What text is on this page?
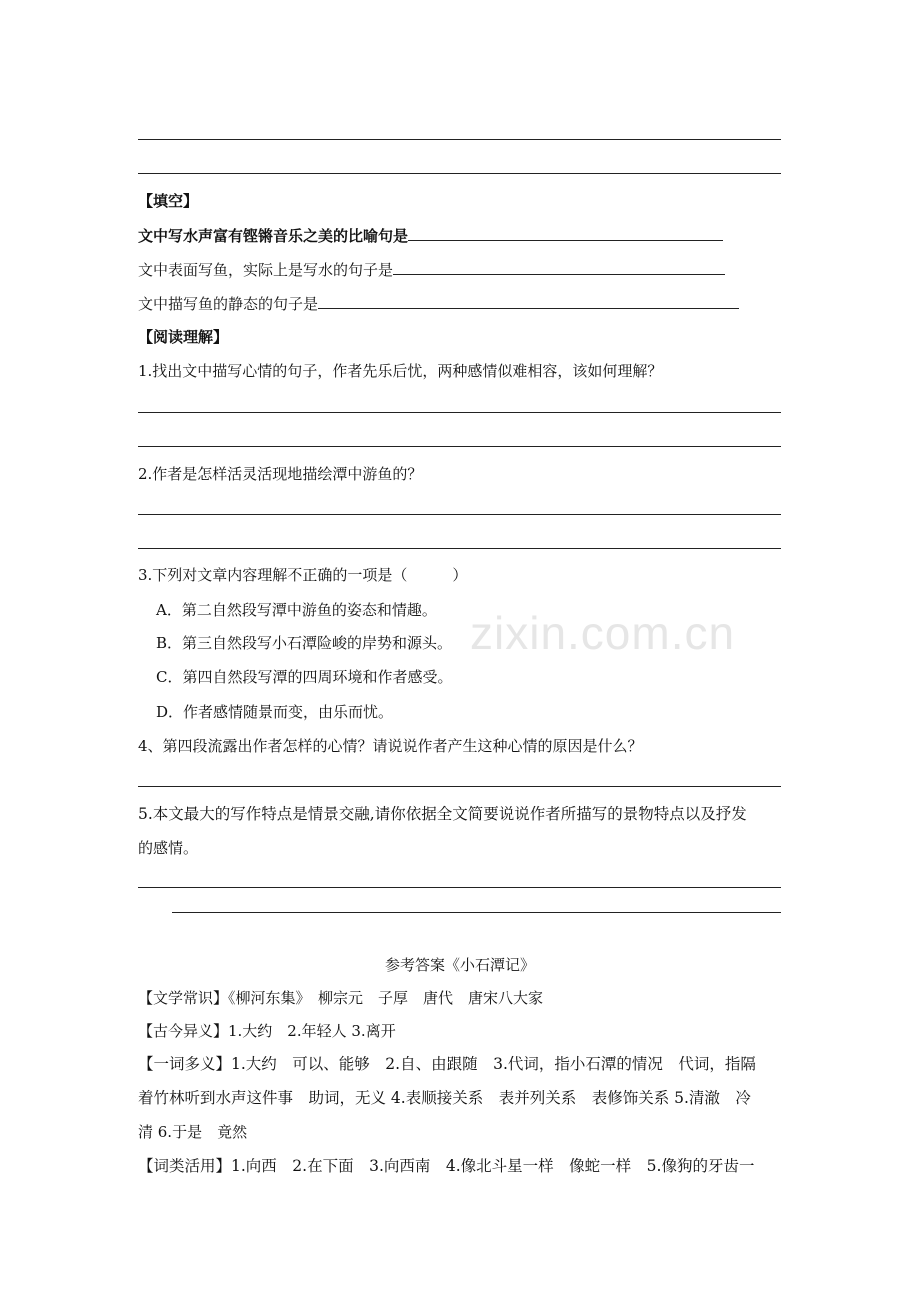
【填空】
文中写水声富有铿锵音乐之美的比喻句是
文中表面写鱼，实际上是写水的句子是
文中描写鱼的静态的句子是
【阅读理解】
1.找出文中描写心情的句子，作者先乐后忧，两种感情似难相容，该如何理解？
2.作者是怎样活灵活现地描绘潭中游鱼的？
3.下列对文章内容理解不正确的一项是（　　　）
A．第二自然段写潭中游鱼的姿态和情趣。
B．第三自然段写小石潭险峻的岸势和源头。
C．第四自然段写潭的四周环境和作者感受。
D．作者感情随景而变，由乐而忧。
4、第四段流露出作者怎样的心情？请说说作者产生这种心情的原因是什么？
5.本文最大的写作特点是情景交融,请你依据全文简要说说作者所描写的景物特点以及抒发
的感情。
zixin.com.cn
参考答案《小石潭记》
【文学常识】《柳河东集》　柳宗元　子厚　唐代　唐宋八大家
【古今异义】1.大约　2.年轻人 3.离开
【一词多义】1.大约　可以、能够　2.自、由跟随　3.代词，指小石潭的情况　代词，指隔
着竹林听到水声这件事　助词，无义 4.表顺接关系　表并列关系　表修饰关系 5.清澈　冷
清 6.于是　竟然
【词类活用】1.向西　2.在下面　3.向西南　4.像北斗星一样　像蛇一样　5.像狗的牙齿一
